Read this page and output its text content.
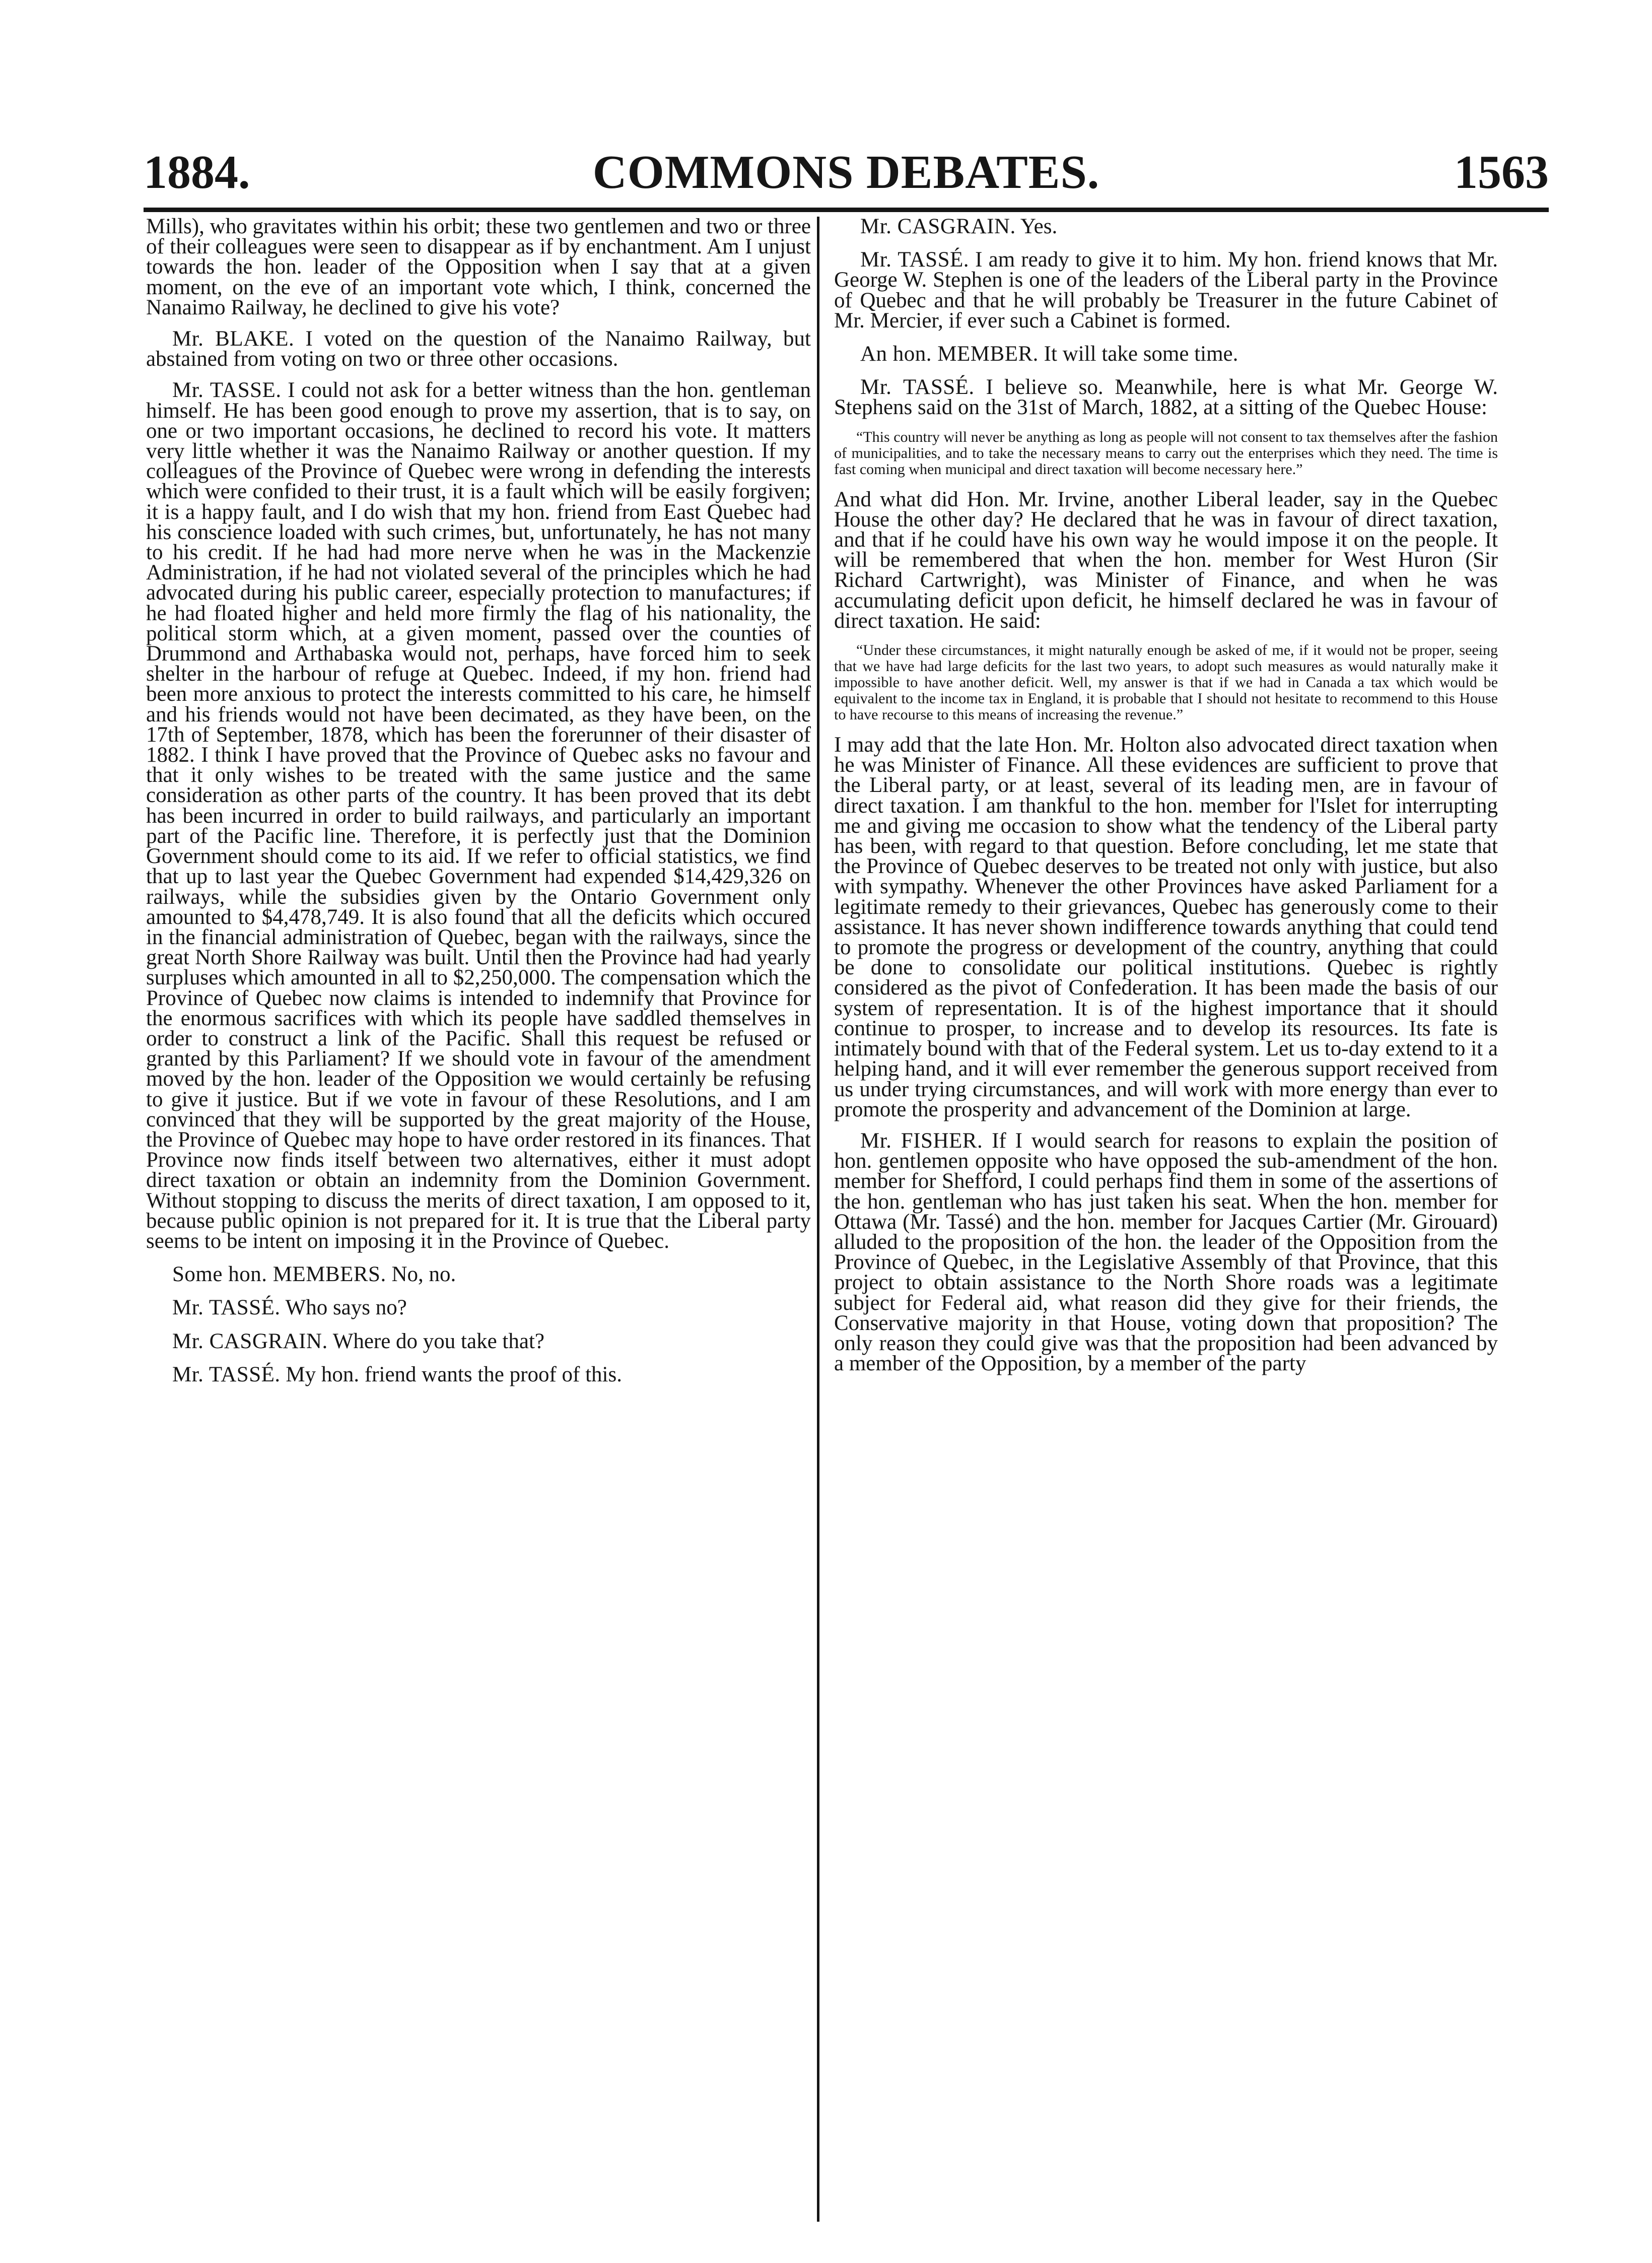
1884.	COMMONS DEBATES.	1563

Mills), who gravitates within his orbit; these two gentlemen and two or three of their colleagues were seen to disappear as if by enchantment. Am I unjust towards the hon. leader of the Opposition when I say that at a given moment, on the eve of an important vote which, I think, concerned the Nanaimo Railway, he declined to give his vote?

Mr. BLAKE. I voted on the question of the Nanaimo Railway, but abstained from voting on two or three other occasions.

Mr. TASSE. I could not ask for a better witness than the hon. gentleman himself. He has been good enough to prove my assertion, that is to say, on one or two important occasions, he declined to record his vote. It matters very little whether it was the Nanaimo Railway or another question. If my colleagues of the Province of Quebec were wrong in defending the interests which were confided to their trust, it is a fault which will be easily forgiven; it is a happy fault, and I do wish that my hon. friend from East Quebec had his conscience loaded with such crimes, but, unfortunately, he has not many to his credit. If he had had more nerve when he was in the Mackenzie Administration, if he had not violated several of the principles which he had advocated during his public career, especially protection to manufactures; if he had floated higher and held more firmly the flag of his nationality, the political storm which, at a given moment, passed over the counties of Drummond and Arthabaska would not, perhaps, have forced him to seek shelter in the harbour of refuge at Quebec. Indeed, if my hon. friend had been more anxious to protect the interests committed to his care, he himself and his friends would not have been decimated, as they have been, on the 17th of September, 1878, which has been the forerunner of their disaster of 1882. I think I have proved that the Province of Quebec asks no favour and that it only wishes to be treated with the same justice and the same consideration as other parts of the country. It has been proved that its debt has been incurred in order to build railways, and particularly an important part of the Pacific line. Therefore, it is perfectly just that the Dominion Government should come to its aid. If we refer to official statistics, we find that up to last year the Quebec Government had expended $14,429,326 on railways, while the subsidies given by the Ontario Government only amounted to $4,478,749. It is also found that all the deficits which occured in the financial administration of Quebec, began with the railways, since the great North Shore Railway was built. Until then the Province had had yearly surpluses which amounted in all to $2,250,000. The compensation which the Province of Quebec now claims is intended to indemnify that Province for the enormous sacrifices with which its people have saddled themselves in order to construct a link of the Pacific. Shall this request be refused or granted by this Parliament? If we should vote in favour of the amendment moved by the hon. leader of the Opposition we would certainly be refusing to give it justice. But if we vote in favour of these Resolutions, and I am convinced that they will be supported by the great majority of the House, the Province of Quebec may hope to have order restored in its finances. That Province now finds itself between two alternatives, either it must adopt direct taxation or obtain an indemnity from the Dominion Government. Without stopping to discuss the merits of direct taxation, I am opposed to it, because public opinion is not prepared for it. It is true that the Liberal party seems to be intent on imposing it in the Province of Quebec.

Some hon. MEMBERS. No, no.

Mr. TASSÉ. Who says no?

Mr. CASGRAIN. Where do you take that?

Mr. TASSÉ. My hon. friend wants the proof of this.

Mr. CASGRAIN. Yes.

Mr. TASSÉ. I am ready to give it to him. My hon. friend knows that Mr. George W. Stephen is one of the leaders of the Liberal party in the Province of Quebec and that he will probably be Treasurer in the future Cabinet of Mr. Mercier, if ever such a Cabinet is formed.

An hon. MEMBER. It will take some time.

Mr. TASSÉ. I believe so. Meanwhile, here is what Mr. George W. Stephens said on the 31st of March, 1882, at a sitting of the Quebec House:

“This country will never be anything as long as people will not consent to tax themselves after the fashion of municipalities, and to take the necessary means to carry out the enterprises which they need. The time is fast coming when municipal and direct taxation will become necessary here.”

And what did Hon. Mr. Irvine, another Liberal leader, say in the Quebec House the other day? He declared that he was in favour of direct taxation, and that if he could have his own way he would impose it on the people. It will be remembered that when the hon. member for West Huron (Sir Richard Cartwright), was Minister of Finance, and when he was accumulating deficit upon deficit, he himself declared he was in favour of direct taxation. He said:

“Under these circumstances, it might naturally enough be asked of me, if it would not be proper, seeing that we have had large deficits for the last two years, to adopt such measures as would naturally make it impossible to have another deficit. Well, my answer is that if we had in Canada a tax which would be equivalent to the income tax in England, it is probable that I should not hesitate to recommend to this House to have recourse to this means of increasing the revenue.”

I may add that the late Hon. Mr. Holton also advocated direct taxation when he was Minister of Finance. All these evidences are sufficient to prove that the Liberal party, or at least, several of its leading men, are in favour of direct taxation. I am thankful to the hon. member for l'Islet for interrupting me and giving me occasion to show what the tendency of the Liberal party has been, with regard to that question. Before concluding, let me state that the Province of Quebec deserves to be treated not only with justice, but also with sympathy. Whenever the other Provinces have asked Parliament for a legitimate remedy to their grievances, Quebec has generously come to their assistance. It has never shown indifference towards anything that could tend to promote the progress or development of the country, anything that could be done to consolidate our political institutions. Quebec is rightly considered as the pivot of Confederation. It has been made the basis of our system of representation. It is of the highest importance that it should continue to prosper, to increase and to develop its resources. Its fate is intimately bound with that of the Federal system. Let us to-day extend to it a helping hand, and it will ever remember the generous support received from us under trying circumstances, and will work with more energy than ever to promote the prosperity and advancement of the Dominion at large.

Mr. FISHER. If I would search for reasons to explain the position of hon. gentlemen opposite who have opposed the sub-amendment of the hon. member for Shefford, I could perhaps find them in some of the assertions of the hon. gentleman who has just taken his seat. When the hon. member for Ottawa (Mr. Tassé) and the hon. member for Jacques Cartier (Mr. Girouard) alluded to the proposition of the hon. the leader of the Opposition from the Province of Quebec, in the Legislative Assembly of that Province, that this project to obtain assistance to the North Shore roads was a legitimate subject for Federal aid, what reason did they give for their friends, the Conservative majority in that House, voting down that proposition? The only reason they could give was that the proposition had been advanced by a member of the Opposition, by a member of the party
